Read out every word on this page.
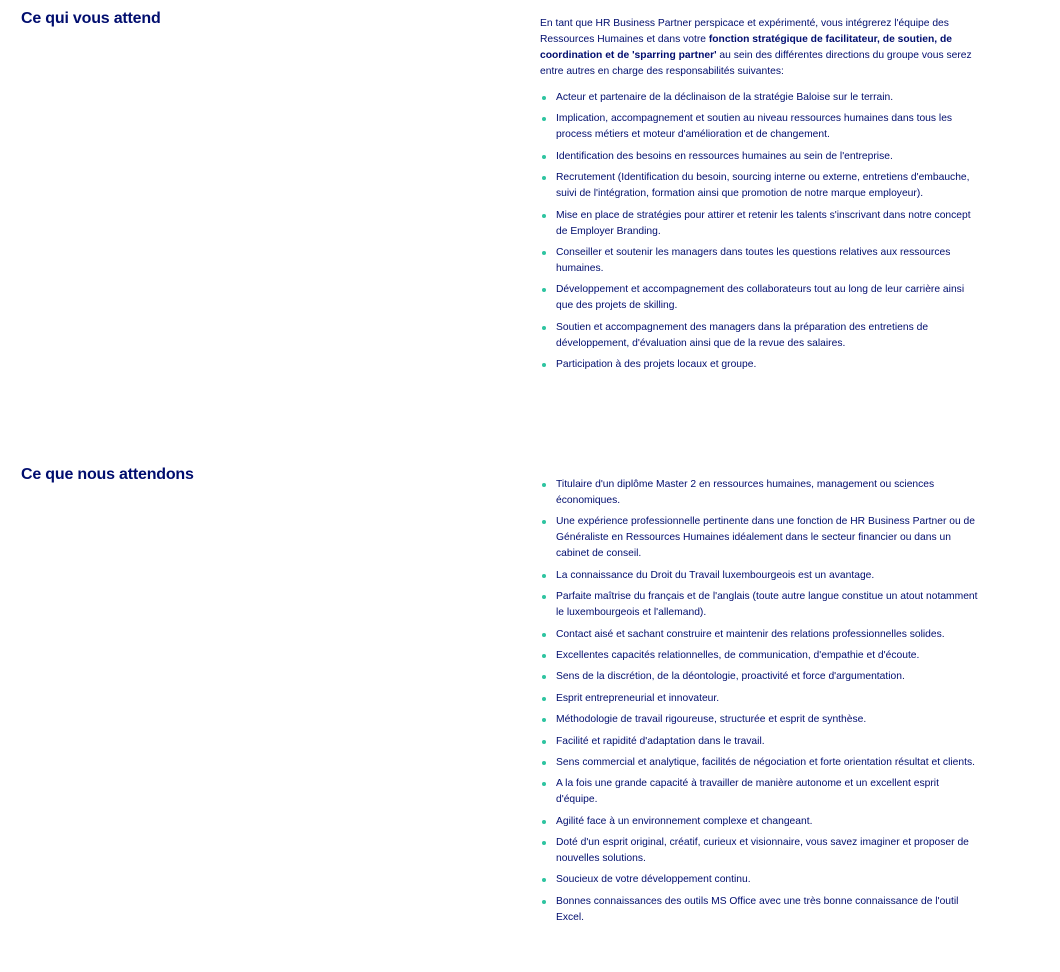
Ce qui vous attend	En tant que HR Business Partner perspicace et expérimenté, vous intégrerez l'équipe des Ressources Humaines et dans votre fonction stratégique de facilitateur, de soutien, de coordination et de 'sparring partner' au sein des différentes directions du groupe vous serez entre autres en charge des responsabilités suivantes:

Acteur et partenaire de la déclinaison de la stratégie Baloise sur le terrain.
Implication, accompagnement et soutien au niveau ressources humaines dans tous les process métiers et moteur d'amélioration et de changement.
Identification des besoins en ressources humaines au sein de l'entreprise.
Recrutement (Identification du besoin, sourcing interne ou externe, entretiens d'embauche, suivi de l'intégration, formation ainsi que promotion de notre marque employeur).
Mise en place de stratégies pour attirer et retenir les talents s'inscrivant dans notre concept de Employer Branding.
Conseiller et soutenir les managers dans toutes les questions relatives aux ressources humaines.
Développement et accompagnement des collaborateurs tout au long de leur carrière ainsi que des projets de skilling.
Soutien et accompagnement des managers dans la préparation des entretiens de développement, d'évaluation ainsi que de la revue des salaires.
Participation à des projets locaux et groupe.
Ce que nous attendons
Titulaire d'un diplôme Master 2 en ressources humaines, management ou sciences économiques.
Une expérience professionnelle pertinente dans une fonction de HR Business Partner ou de Généraliste en Ressources Humaines idéalement dans le secteur financier ou dans un cabinet de conseil.
La connaissance du Droit du Travail luxembourgeois est un avantage.
Parfaite maîtrise du français et de l'anglais (toute autre langue constitue un atout notamment le luxembourgeois et l'allemand).
Contact aisé et sachant construire et maintenir des relations professionnelles solides.
Excellentes capacités relationnelles, de communication, d'empathie et d'écoute.
Sens de la discrétion, de la déontologie, proactivité et force d'argumentation.
Esprit entrepreneurial et innovateur.
Méthodologie de travail rigoureuse, structurée et esprit de synthèse.
Facilité et rapidité d'adaptation dans le travail.
Sens commercial et analytique, facilités de négociation et forte orientation résultat et clients.
A la fois une grande capacité à travailler de manière autonome et un excellent esprit d'équipe.
Agilité face à un environnement complexe et changeant.
Doté d'un esprit original, créatif, curieux et visionnaire, vous savez imaginer et proposer de nouvelles solutions.
Soucieux de votre développement continu.
Bonnes connaissances des outils MS Office avec une très bonne connaissance de l'outil Excel.
